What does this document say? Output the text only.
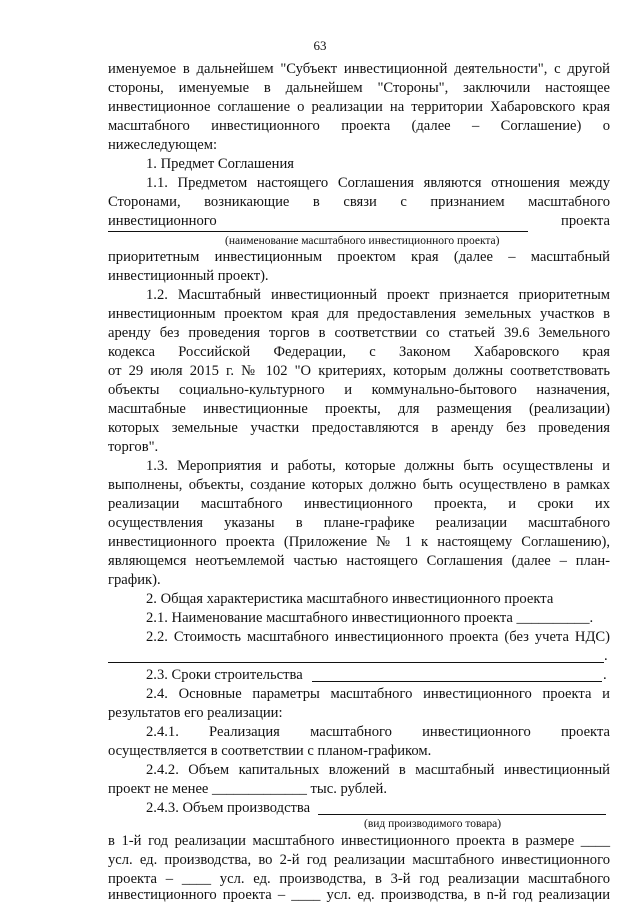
63
именуемое в дальнейшем "Субъект инвестиционной деятельности", с другой
стороны, именуемые в дальнейшем "Стороны", заключили настоящее
инвестиционное соглашение о реализации на территории Хабаровского края
масштабного инвестиционного проекта (далее – Соглашение) о
нижеследующем:
1. Предмет Соглашения
1.1. Предметом настоящего Соглашения являются отношения между
Сторонами, возникающие в связи с признанием масштабного
инвестиционного проекта
(наименование масштабного инвестиционного проекта)
приоритетным инвестиционным проектом края (далее – масштабный
инвестиционный проект).
1.2. Масштабный инвестиционный проект признается приоритетным
инвестиционным проектом края для предоставления земельных участков в
аренду без проведения торгов в соответствии со статьей 39.6 Земельного
кодекса Российской Федерации, с Законом Хабаровского края
от 29 июля 2015 г. № 102 "О критериях, которым должны соответствовать
объекты социально-культурного и коммунально-бытового назначения,
масштабные инвестиционные проекты, для размещения (реализации)
которых земельные участки предоставляются в аренду без проведения
торгов".
1.3. Мероприятия и работы, которые должны быть осуществлены и
выполнены, объекты, создание которых должно быть осуществлено в рамках
реализации масштабного инвестиционного проекта, и сроки их
осуществления указаны в плане-графике реализации масштабного
инвестиционного проекта (Приложение № 1 к настоящему Соглашению),
являющемся неотъемлемой частью настоящего Соглашения (далее – план-
график).
2. Общая характеристика масштабного инвестиционного проекта
2.1. Наименование масштабного инвестиционного проекта __________.
2.2. Стоимость масштабного инвестиционного проекта (без учета НДС)
.
2.3. Сроки строительства	.
2.4. Основные параметры масштабного инвестиционного проекта и
результатов его реализации:
2.4.1. Реализация масштабного инвестиционного проекта
осуществляется в соответствии с планом-графиком.
2.4.2. Объем капитальных вложений в масштабный инвестиционный
проект не менее _____________ тыс. рублей.
2.4.3. Объем производства
(вид производимого товара)
в 1-й год реализации масштабного инвестиционного проекта в размере ____
усл. ед. производства, во 2-й год реализации масштабного инвестиционного
проекта – ____ усл. ед. производства, в 3-й год реализации масштабного
инвестиционного проекта – ____ усл. ед. производства, в n-й год реализации
